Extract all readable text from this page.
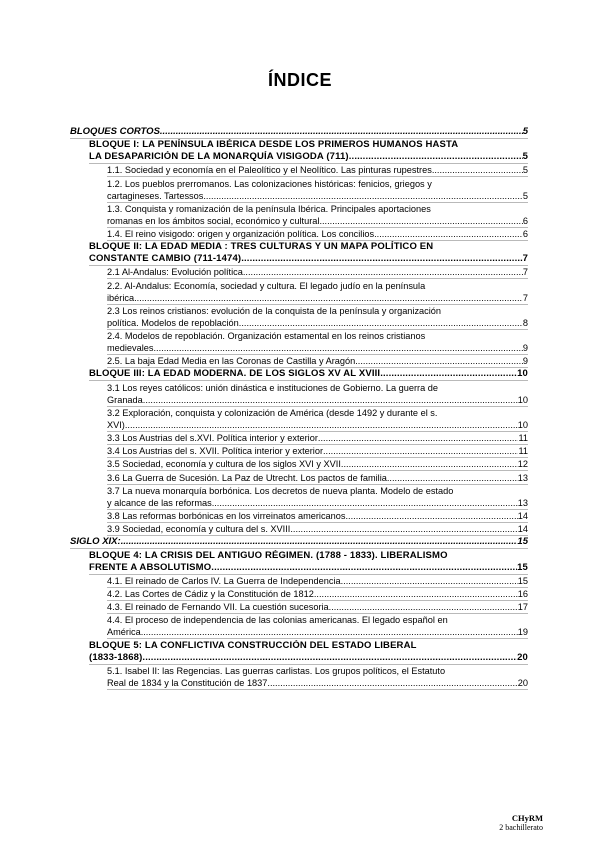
ÍNDICE
BLOQUES CORTOS .....	5
BLOQUE I: LA PENÍNSULA IBÉRICA DESDE LOS PRIMEROS HUMANOS HASTA
LA DESAPARICIÓN DE LA MONARQUÍA VISIGODA (711) .....	5
1.1. Sociedad y economía en el Paleolítico y el Neolítico. Las pinturas rupestres .....	5
1.2. Los pueblos prerromanos. Las colonizaciones históricas: fenicios, griegos y
cartagineses. Tartessos. .....	5
1.3. Conquista y romanización de la península Ibérica. Principales aportaciones
romanas en los ámbitos social, económico y cultural .....	6
1.4. El reino visigodo: origen y organización política. Los concilios .....	6
BLOQUE II: LA EDAD MEDIA : TRES CULTURAS Y UN MAPA POLÍTICO EN
CONSTANTE CAMBIO (711-1474) .....	7
2.1 Al-Andalus: Evolución política .....	7
2.2. Al-Andalus: Economía, sociedad y cultura. El legado judío en la península
ibérica .....	7
2.3 Los reinos cristianos: evolución de la conquista de la península y organización
política. Modelos de repoblación .....	8
2.4. Modelos de repoblación. Organización estamental en los reinos cristianos
medievales .....	9
2.5. La baja Edad Media en las Coronas de Castilla y Aragón .....	9
BLOQUE III: LA EDAD MODERNA. DE LOS SIGLOS XV AL XVIII .....	10
3.1 Los reyes católicos: unión dinástica e instituciones de Gobierno. La guerra de
Granada .....	10
3.2 Exploración, conquista y colonización de América (desde 1492 y durante el s.
XVI) .....	10
3.3 Los Austrias del s.XVI. Política interior y exterior .....	11
3.4 Los Austrias del s. XVII. Política interior y exterior .....	11
3.5 Sociedad, economía y cultura de los siglos XVI y XVII .....	12
3.6 La Guerra de Sucesión. La Paz de Utrecht. Los pactos de familia .....	13
3.7 La nueva monarquía borbónica. Los decretos de nueva planta. Modelo de estado
y alcance de las reformas .....	13
3.8 Las reformas borbónicas en los virreinatos americanos .....	14
3.9 Sociedad, economía y cultura del s. XVIII .....	14
SIGLO XIX: .....	15
BLOQUE 4: LA CRISIS DEL ANTIGUO RÉGIMEN. (1788 - 1833). LIBERALISMO
FRENTE A ABSOLUTISMO .....	15
4.1. El reinado de Carlos IV. La Guerra de Independencia. .....	15
4.2. Las Cortes de Cádiz y la Constitución de 1812. .....	16
4.3. El reinado de Fernando VII. La cuestión sucesoria .....	17
4.4. El proceso de independencia de las colonias americanas. El legado español en
América .....	19
BLOQUE 5: LA CONFLICTIVA CONSTRUCCIÓN DEL ESTADO LIBERAL
(1833-1868) .....	20
5.1. Isabel II: las Regencias. Las guerras carlistas. Los grupos políticos, el Estatuto
Real de 1834 y la Constitución de 1837 .....	20
CHyRM
2 bachillerato
